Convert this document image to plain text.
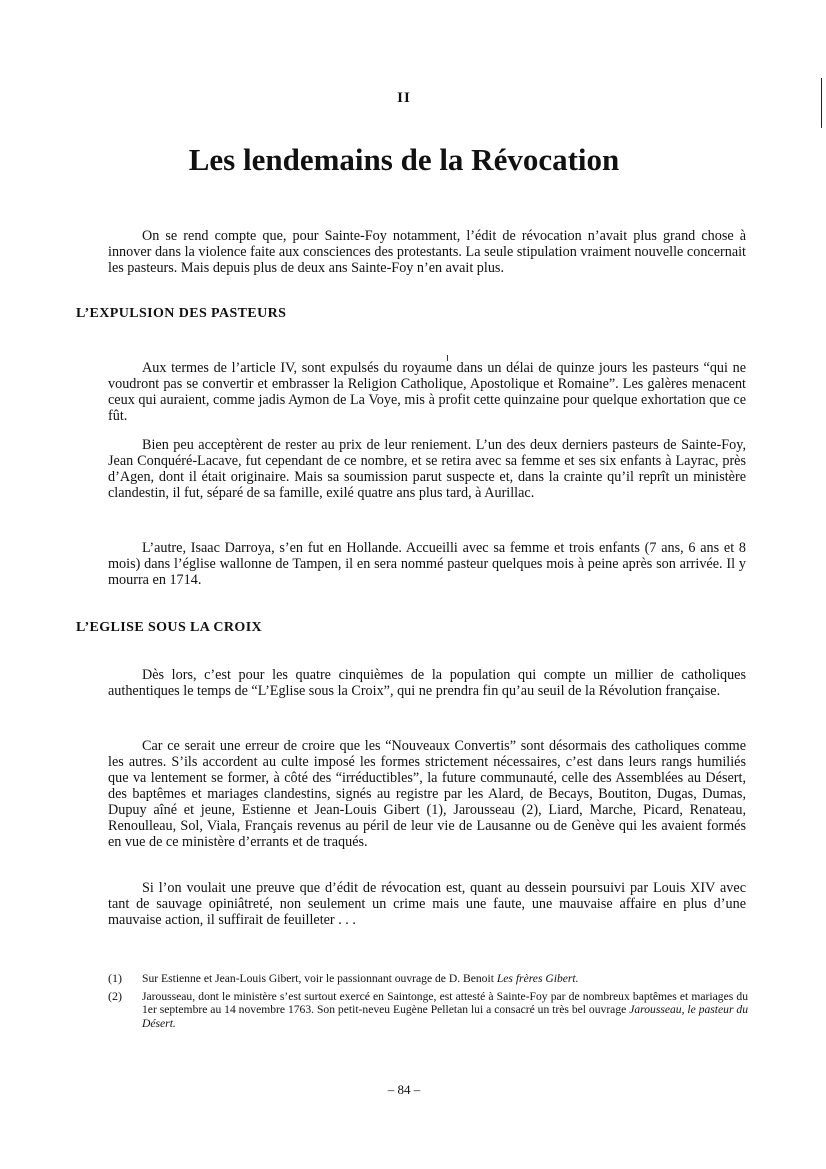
II
Les lendemains de la Révocation

On se rend compte que, pour Sainte-Foy notamment, l’édit de révocation n’avait plus grand chose à innover dans la violence faite aux consciences des protestants. La seule stipulation vraiment nouvelle concernait les pasteurs. Mais depuis plus de deux ans Sainte-Foy n’en avait plus.

L’EXPULSION DES PASTEURS

Aux termes de l’article IV, sont expulsés du royaume dans un délai de quinze jours les pasteurs “qui ne voudront pas se convertir et embrasser la Religion Catholique, Apostolique et Romaine”. Les galères menacent ceux qui auraient, comme jadis Aymon de La Voye, mis à profit cette quinzaine pour quelque exhortation que ce fût.

Bien peu acceptèrent de rester au prix de leur reniement. L’un des deux derniers pasteurs de Sainte-Foy, Jean Conquéré-Lacave, fut cependant de ce nombre, et se retira avec sa femme et ses six enfants à Layrac, près d’Agen, dont il était originaire. Mais sa soumission parut suspecte et, dans la crainte qu’il reprît un ministère clandestin, il fut, séparé de sa famille, exilé quatre ans plus tard, à Aurillac.

L’autre, Isaac Darroya, s’en fut en Hollande. Accueilli avec sa femme et trois enfants (7 ans, 6 ans et 8 mois) dans l’église wallonne de Tampen, il en sera nommé pasteur quelques mois à peine après son arrivée. Il y mourra en 1714.

L’EGLISE SOUS LA CROIX

Dès lors, c’est pour les quatre cinquièmes de la population qui compte un millier de catholiques authentiques le temps de “L’Eglise sous la Croix”, qui ne prendra fin qu’au seuil de la Révolution française.

Car ce serait une erreur de croire que les “Nouveaux Convertis” sont désormais des catholiques comme les autres. S’ils accordent au culte imposé les formes strictement nécessaires, c’est dans leurs rangs humiliés que va lentement se former, à côté des “irréductibles”, la future communauté, celle des Assemblées au Désert, des baptêmes et mariages clandestins, signés au registre par les Alard, de Becays, Boutiton, Dugas, Dumas, Dupuy aîné et jeune, Estienne et Jean-Louis Gibert (1), Jarousseau (2), Liard, Marche, Picard, Renateau, Renoulleau, Sol, Viala, Français revenus au péril de leur vie de Lausanne ou de Genève qui les avaient formés en vue de ce ministère d’errants et de traqués.

Si l’on voulait une preuve que d’édit de révocation est, quant au dessein poursuivi par Louis XIV avec tant de sauvage opiniâtreté, non seulement un crime mais une faute, une mauvaise affaire en plus d’une mauvaise action, il suffirait de feuilleter . . .

(1) Sur Estienne et Jean-Louis Gibert, voir le passionnant ouvrage de D. Benoit Les frères Gibert.
(2) Jarousseau, dont le ministère s’est surtout exercé en Saintonge, est attesté à Sainte-Foy par de nombreux baptêmes et mariages du 1er septembre au 14 novembre 1763. Son petit-neveu Eugène Pelletan lui a consacré un très bel ouvrage Jarousseau, le pasteur du Désert.
– 84 –
